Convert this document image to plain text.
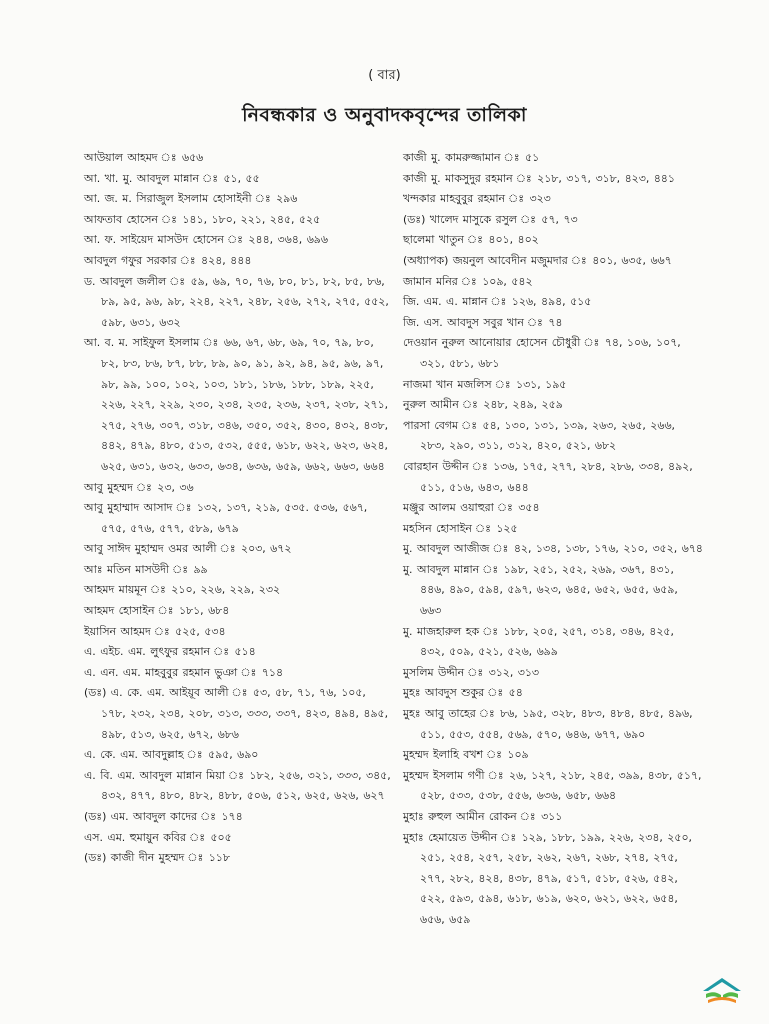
( বার)
নিবন্ধকার ও অনুবাদকবৃন্দের তালিকা

আউয়াল আহমদ ঃ ৬৫৬

আ. খা. মু. আবদুল মান্নান ঃ ৫১, ৫৫

আ. জ. ম. সিরাজুল ইসলাম হোসাইনী ঃ ২৯৬

আফতাব হোসেন ঃ ১৪১, ১৮০, ২২১, ২৪৫, ৫২৫

আ. ফ. সাইয়েদ মাসউদ হোসেন ঃ ২৪৪, ৩৬৪, ৬৯৬

আবদুল গফুর সরকার ঃ ৪২৪, ৪৪৪

ড. আবদুল জলীল ঃ ৫৯, ৬৯, ৭০, ৭৬, ৮০, ৮১, ৮২, ৮৫, ৮৬, ৮৯, ৯৫, ৯৬, ৯৮, ২২৪, ২২৭, ২৪৮, ২৫৬, ২৭২, ২৭৫, ৫৫২, ৫৯৮, ৬৩১, ৬৩২

আ. ব. ম. সাইফুল ইসলাম ঃ ৬৬, ৬৭, ৬৮, ৬৯, ৭০, ৭৯, ৮০, ৮২, ৮৩, ৮৬, ৮৭, ৮৮, ৮৯, ৯০, ৯১, ৯২, ৯৪, ৯৫, ৯৬, ৯৭, ৯৮, ৯৯, ১০০, ১০২, ১০৩, ১৮১, ১৮৬, ১৮৮, ১৮৯, ২২৫, ২২৬, ২২৭, ২২৯, ২৩০, ২৩৪, ২৩৫, ২৩৬, ২৩৭, ২৩৮, ২৭১, ২৭৫, ২৭৬, ৩০৭, ৩১৮, ৩৪৬, ৩৫০, ৩৫২, ৪৩০, ৪৩২, ৪৩৮, ৪৪২, ৪৭৯, ৪৮০, ৫১৩, ৫৩২, ৫৫৫, ৬১৮, ৬২২, ৬২৩, ৬২৪, ৬২৫, ৬৩১, ৬৩২, ৬৩৩, ৬৩৪, ৬৩৬, ৬৫৯, ৬৬২, ৬৬৩, ৬৬৪

আবু মুহম্মদ ঃ ২৩, ৩৬

আবু মুহাম্মাদ আসাদ ঃ ১৩২, ১৩৭, ২১৯, ৫৩৫. ৫৩৬, ৫৬৭, ৫৭৫, ৫৭৬, ৫৭৭, ৫৮৯, ৬৭৯

আবু সাঈদ মুহাম্মদ ওমর আলী ঃ ২০৩, ৬৭২

আঃ মতিন মাসউদী ঃ ৯৯

আহমদ মায়মূন ঃ ২১০, ২২৬, ২২৯, ২৩২

আহমদ হোসাইন ঃ ১৮১, ৬৮৪

ইয়াসিন আহমদ ঃ ৫২৫, ৫৩৪

এ. এইচ. এম. লুৎফুর রহমান ঃ ৫১৪

এ. এন. এম. মাহবুবুর রহমান ভুঞা ঃ ৭১৪

(ডঃ) এ. কে. এম. আইয়ূব আলী ঃ ৫৩, ৫৮, ৭১, ৭৬, ১০৫, ১৭৮, ২৩২, ২৩৪, ২০৮, ৩১৩, ৩৩৩, ৩৩৭, ৪২৩, ৪৯৪, ৪৯৫, ৪৯৮, ৫১৩, ৬২৫, ৬৭২, ৬৮৬

এ. কে. এম. আবদুল্লাহ ঃ ৫৯৫, ৬৯০

এ. বি. এম. আবদুল মান্নান মিয়া ঃ ১৮২, ২৫৬, ৩২১, ৩৩৩, ৩৪৫, ৪৩২, ৪৭৭, ৪৮০, ৪৮২, ৪৮৮, ৫০৬, ৫১২, ৬২৫, ৬২৬, ৬২৭

(ডঃ) এম. আবদুল কাদের ঃ ১৭৪

এস. এম. হুমায়ুন কবির ঃ ৫০৫

(ডঃ) কাজী দীন মুহম্মদ ঃ ১১৮

কাজী মু. কামরুজ্জামান ঃ ৫১

কাজী মু. মাকসুদুর রহমান ঃ ২১৮, ৩১৭, ৩১৮, ৪২৩, ৪৪১

খন্দকার মাহবুবুর রহমান ঃ ৩২৩

(ডঃ) খালেদ মাসুকে রসুল ঃ ৫৭, ৭৩

ছালেমা খাতুন ঃ ৪০১, ৪০২

(অধ্যাপক) জয়নুল আবেদীন মজুমদার ঃ ৪০১, ৬৩৫, ৬৬৭

জামান মনির ঃ ১০৯, ৫৪২

জি. এম. এ. মান্নান ঃ ১২৬, ৪৯৪, ৫১৫

জি. এস. আবদুস সবুর খান ঃ ৭৪

দেওয়ান নুরুল আনোয়ার হোসেন চৌধুরী ঃ ৭৪, ১০৬, ১০৭, ৩২১, ৫৮১, ৬৮১

নাজমা খান মজলিস ঃ ১৩১, ১৯৫

নুরুল আমীন ঃ ২৪৮, ২৪৯, ২৫৯

পারসা বেগম ঃ ৫৪, ১৩০, ১৩১, ১৩৯, ২৬৩, ২৬৫, ২৬৬, ২৮৩, ২৯০, ৩১১, ৩১২, ৪২০, ৫২১, ৬৮২

বোরহান উদ্দীন ঃ ১৩৬, ১৭৫, ২৭৭, ২৮৪, ২৮৬, ৩৩৪, ৪৯২, ৫১১, ৫১৬, ৬৪৩, ৬৪৪

মঞ্জুর আলম ওয়াহুরা ঃ ৩৫৪

মহসিন হোসাইন ঃ ১২৫

মু. আবদুল আজীজ ঃ ৪২, ১৩৪, ১৩৮, ১৭৬, ২১০, ৩৫২, ৬৭৪

মু. আবদুল মান্নান ঃ ১৯৮, ২৫১, ২৫২, ২৬৯, ৩৬৭, ৪৩১, ৪৪৬, ৪৯০, ৫৯৪, ৫৯৭, ৬২৩, ৬৪৫, ৬৫২, ৬৫৫, ৬৫৯, ৬৬৩

মু. মাজহারুল হক ঃ ১৮৮, ২০৫, ২৫৭, ৩১৪, ৩৪৬, ৪২৫, ৪৩২, ৫০৯, ৫২১, ৫২৬, ৬৯৯

মুসলিম উদ্দীন ঃ ৩১২, ৩১৩

মুহঃ আবদুস শুকুর ঃ ৫৪

মুহঃ আবু তাহের ঃ ৮৬, ১৯৫, ৩২৮, ৪৮৩, ৪৮৪, ৪৮৫, ৪৯৬, ৫১১, ৫৫৩, ৫৫৪, ৫৬৯, ৫৭০, ৬৪৬, ৬৭৭, ৬৯০

মুহম্মদ ইলাহি বখশ ঃ ১০৯

মুহম্মদ ইসলাম গণী ঃ ২৬, ১২৭, ২১৮, ২৪৫, ৩৯৯, ৪৩৮, ৫১৭, ৫২৮, ৫৩৩, ৫৩৮, ৫৫৬, ৬৩৬, ৬৫৮, ৬৬৪

মুহাঃ রুহুল আমীন রোকন ঃ ৩১১

মুহাঃ হেমায়েত উদ্দীন ঃ ১২৯, ১৮৮, ১৯৯, ২২৬, ২৩৪, ২৫০, ২৫১, ২৫৪, ২৫৭, ২৫৮, ২৬২, ২৬৭, ২৬৮, ২৭৪, ২৭৫, ২৭৭, ২৮২, ৪২৪, ৪৩৮, ৪৭৯, ৫১৭, ৫১৮, ৫২৬, ৫৪২, ৫২২, ৫৯৩, ৫৯৪, ৬১৮, ৬১৯, ৬২০, ৬২১, ৬২২, ৬৫৪, ৬৫৬, ৬৫৯
